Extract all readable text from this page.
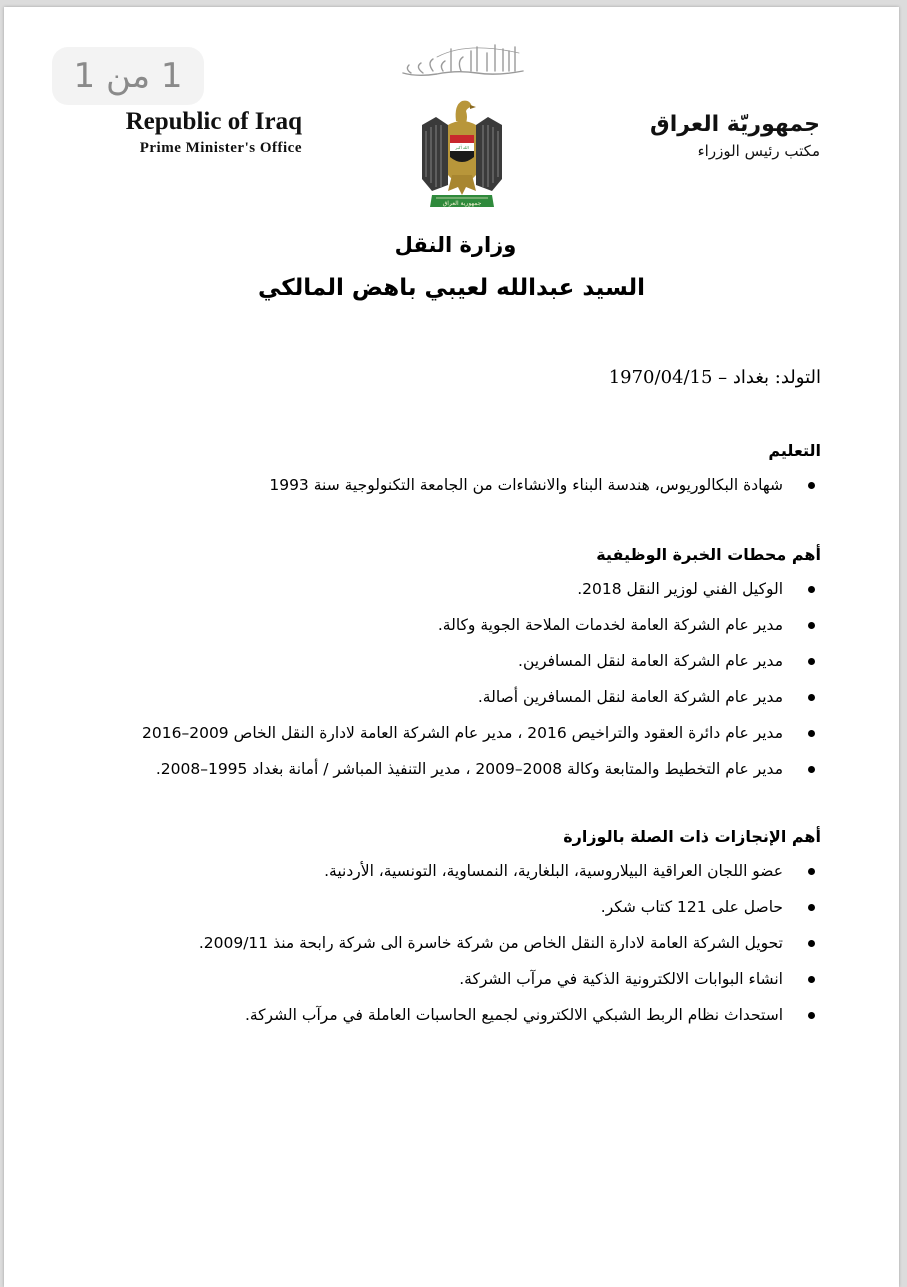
1 من 1
Republic of Iraq
Prime Minister's Office
بسم الله الرحمن الرحيم
الله أكبر
جمهورية العراق
جمهوريّة العراق
مكتب رئيس الوزراء
وزارة النقل
السيد عبدالله لعيبي باهض المالكي
التولد: بغداد – 1970/04/15
التعليم
شهادة البكالوريوس، هندسة البناء والانشاءات من الجامعة التكنولوجية سنة 1993
أهم محطات الخبرة الوظيفية
الوكيل الفني لوزير النقل 2018.
مدير عام الشركة العامة لخدمات الملاحة الجوية وكالة.
مدير عام الشركة العامة لنقل المسافرين.
مدير عام الشركة العامة لنقل المسافرين أصالة.
مدير عام دائرة العقود والتراخيص 2016 ، مدير عام الشركة العامة لادارة النقل الخاص 2009–2016
مدير عام التخطيط والمتابعة وكالة 2008–2009 ، مدير التنفيذ المباشر / أمانة بغداد 1995–2008.
أهم الإنجازات ذات الصلة بالوزارة
عضو اللجان العراقية البيلاروسية، البلغارية، النمساوية، التونسية، الأردنية.
حاصل على 121 كتاب شكر.
تحويل الشركة العامة لادارة النقل الخاص من شركة خاسرة الى شركة رابحة منذ 2009/11.
انشاء البوابات الالكترونية الذكية في مرآب الشركة.
استحداث نظام الربط الشبكي الالكتروني لجميع الحاسبات العاملة في مرآب الشركة.
